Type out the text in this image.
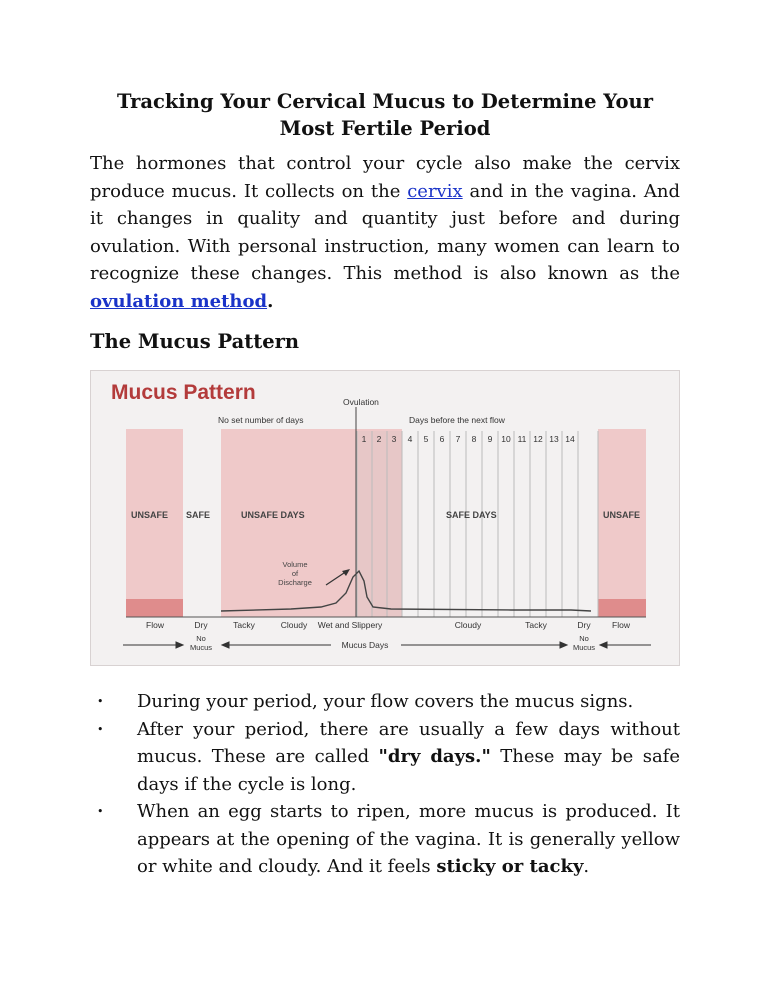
Tracking Your Cervical Mucus to Determine Your Most Fertile Period

The hormones that control your cycle also make the cervix produce mucus. It collects on the cervix and in the vagina. And it changes in quality and quantity just before and during ovulation. With personal instruction, many women can learn to recognize these changes. This method is also known as the ovulation method.

The Mucus Pattern
Mucus Pattern	Ovulation
No set number of days	Days before the next flow
1 2 3 4 5 6 7 8 9 10 11 12 13 14
UNSAFE SAFE	UNSAFE DAYS	SAFE DAYS	UNSAFE
Volume
of
Discharge
Flow	Dry	Tacky	Cloudy Wet and Slippery	Cloudy	Tacky	Dry	Flow
No
Mucus
No
Mucus
Mucus Days
• During your period, your flow covers the mucus signs.
• After your period, there are usually a few days without mucus. These are called "dry days." These may be safe days if the cycle is long.
• When an egg starts to ripen, more mucus is produced. It appears at the opening of the vagina. It is generally yellow or white and cloudy. And it feels sticky or tacky.
